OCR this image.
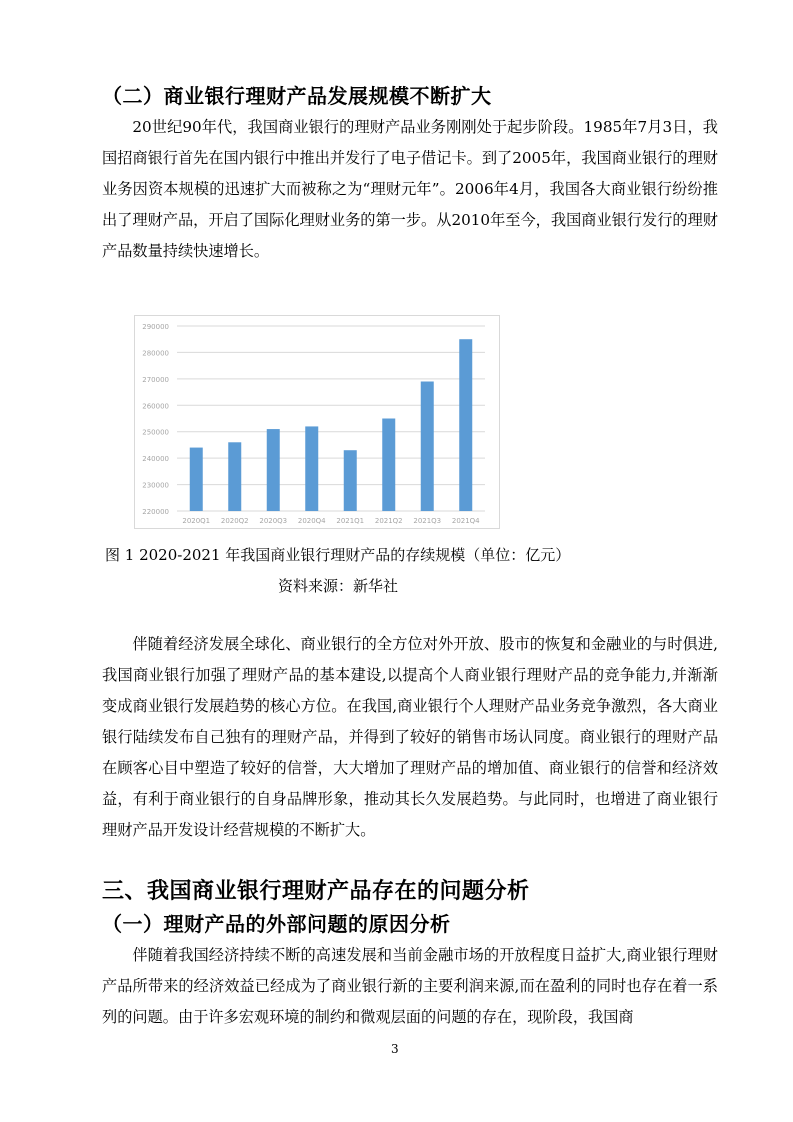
（二）商业银行理财产品发展规模不断扩大

20世纪90年代，我国商业银行的理财产品业务刚刚处于起步阶段。1985年7月3日，我国招商银行首先在国内银行中推出并发行了电子借记卡。到了2005年，我国商业银行的理财业务因资本规模的迅速扩大而被称之为“理财元年”。2006年4月，我国各大商业银行纷纷推出了理财产品，开启了国际化理财业务的第一步。从2010年至今，我国商业银行发行的理财产品数量持续快速增长。

220000
230000
240000
250000
260000
270000
280000
290000
2020Q1 2020Q2 2020Q3 2020Q4 2021Q1 2021Q2 2021Q3 2021Q4
图 1 2020-2021 年我国商业银行理财产品的存续规模（单位：亿元）
资料来源：新华社

伴随着经济发展全球化、商业银行的全方位对外开放、股市的恢复和金融业的与时俱进,我国商业银行加强了理财产品的基本建设,以提高个人商业银行理财产品的竞争能力,并渐渐变成商业银行发展趋势的核心方位。在我国,商业银行个人理财产品业务竞争激烈，各大商业银行陆续发布自己独有的理财产品，并得到了较好的销售市场认同度。商业银行的理财产品在顾客心目中塑造了较好的信誉，大大增加了理财产品的增加值、商业银行的信誉和经济效益，有利于商业银行的自身品牌形象，推动其长久发展趋势。与此同时，也增进了商业银行理财产品开发设计经营规模的不断扩大。

三、我国商业银行理财产品存在的问题分析
（一）理财产品的外部问题的原因分析

伴随着我国经济持续不断的高速发展和当前金融市场的开放程度日益扩大,商业银行理财产品所带来的经济效益已经成为了商业银行新的主要利润来源,而在盈利的同时也存在着一系列的问题。由于许多宏观环境的制约和微观层面的问题的存在，现阶段，我国商

3
